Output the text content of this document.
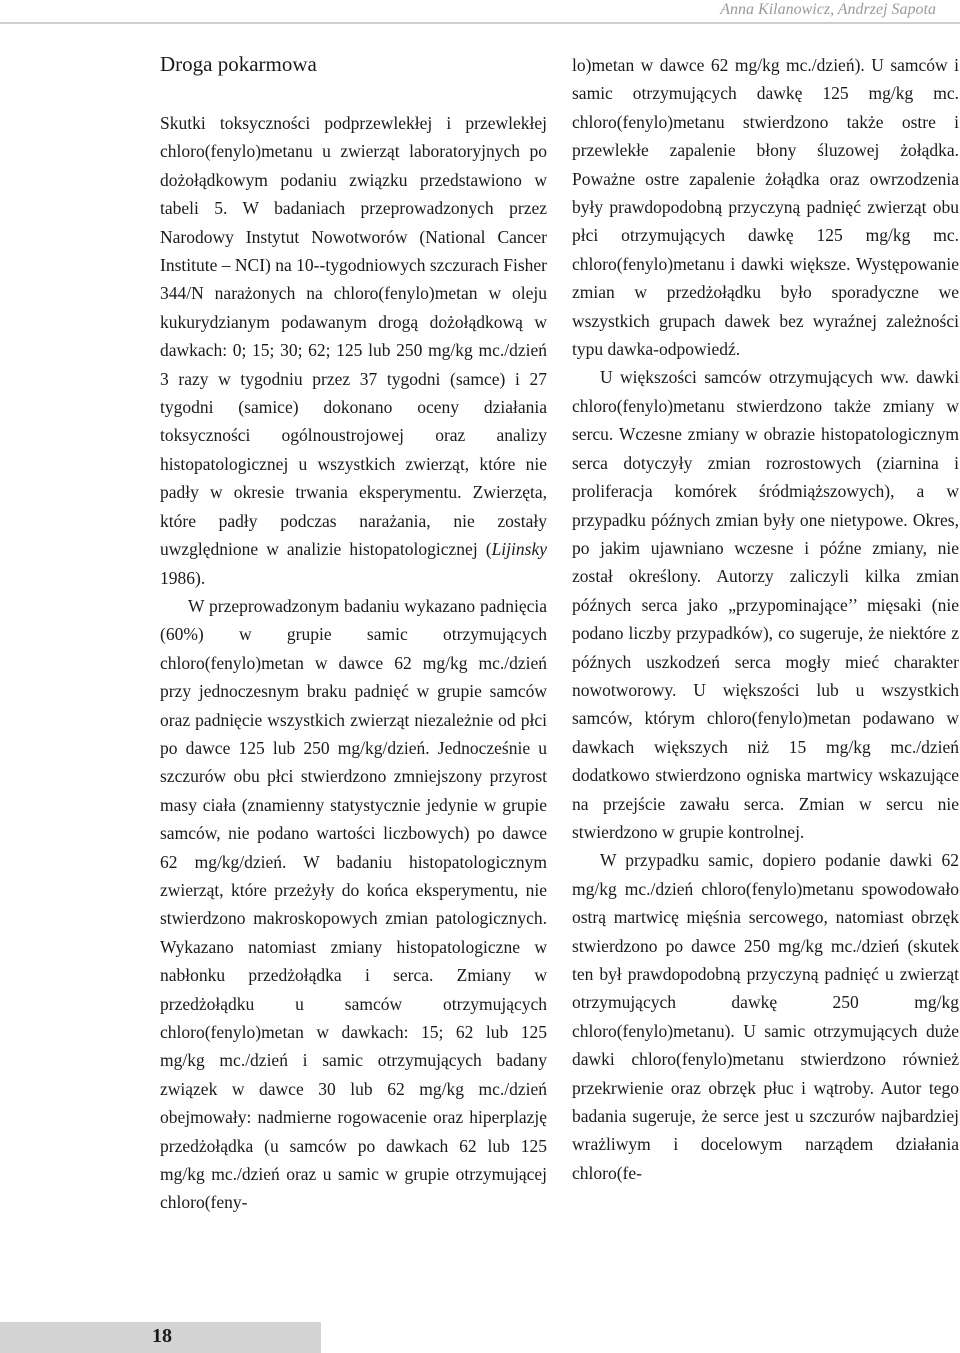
Anna Kilanowicz, Andrzej Sapota
Droga pokarmowa

Skutki toksyczności podprzewlekłej i przewlekłej chloro(fenylo)metanu u zwierząt laboratoryjnych po dożołądkowym podaniu związku przedstawiono w tabeli 5. W badaniach przeprowadzonych przez Narodowy Instytut Nowotworów (National Cancer Institute – NCI) na 10--tygodniowych szczurach Fisher 344/N narażonych na chloro(fenylo)metan w oleju kukurydzianym podawanym drogą dożołądkową w dawkach: 0; 15; 30; 62; 125 lub 250 mg/kg mc./dzień 3 razy w tygodniu przez 37 tygodni (samce) i 27 tygodni (samice) dokonano oceny działania toksyczności ogólnoustrojowej oraz analizy histopatologicznej u wszystkich zwierząt, które nie padły w okresie trwania eksperymentu. Zwierzęta, które padły podczas narażania, nie zostały uwzględnione w analizie histopatologicznej (Lijinsky 1986).

W przeprowadzonym badaniu wykazano padnięcia (60%) w grupie samic otrzymujących chloro(fenylo)metan w dawce 62 mg/kg mc./dzień przy jednoczesnym braku padnięć w grupie samców oraz padnięcie wszystkich zwierząt niezależnie od płci po dawce 125 lub 250 mg/kg/dzień. Jednocześnie u szczurów obu płci stwierdzono zmniejszony przyrost masy ciała (znamienny statystycznie jedynie w grupie samców, nie podano wartości liczbowych) po dawce 62 mg/kg/dzień. W badaniu histopatologicznym zwierząt, które przeżyły do końca eksperymentu, nie stwierdzono makroskopowych zmian patologicznych. Wykazano natomiast zmiany histopatologiczne w nabłonku przedżołądka i serca. Zmiany w przedżołądku u samców otrzymujących chloro(fenylo)metan w dawkach: 15; 62 lub 125 mg/kg mc./dzień i samic otrzymujących badany związek w dawce 30 lub 62 mg/kg mc./dzień obejmowały: nadmierne rogowacenie oraz hiperplazję przedżołądka (u samców po dawkach 62 lub 125 mg/kg mc./dzień oraz u samic w grupie otrzymującej chloro(feny-

lo)metan w dawce 62 mg/kg mc./dzień). U samców i samic otrzymujących dawkę 125 mg/kg mc. chloro(fenylo)metanu stwierdzono także ostre i przewlekłe zapalenie błony śluzowej żołądka. Poważne ostre zapalenie żołądka oraz owrzodzenia były prawdopodobną przyczyną padnięć zwierząt obu płci otrzymujących dawkę 125 mg/kg mc. chloro(fenylo)metanu i dawki większe. Występowanie zmian w przedżołądku było sporadyczne we wszystkich grupach dawek bez wyraźnej zależności typu dawka-odpowiedź.

U większości samców otrzymujących ww. dawki chloro(fenylo)metanu stwierdzono także zmiany w sercu. Wczesne zmiany w obrazie histopatologicznym serca dotyczyły zmian rozrostowych (ziarnina i proliferacja komórek śródmiąższowych), a w przypadku późnych zmian były one nietypowe. Okres, po jakim ujawniano wczesne i późne zmiany, nie został określony. Autorzy zaliczyli kilka zmian późnych serca jako „przypominające’’ mięsaki (nie podano liczby przypadków), co sugeruje, że niektóre z późnych uszkodzeń serca mogły mieć charakter nowotworowy. U większości lub u wszystkich samców, którym chloro(fenylo)metan podawano w dawkach większych niż 15 mg/kg mc./dzień dodatkowo stwierdzono ogniska martwicy wskazujące na przejście zawału serca. Zmian w sercu nie stwierdzono w grupie kontrolnej.

W przypadku samic, dopiero podanie dawki 62 mg/kg mc./dzień chloro(fenylo)metanu spowodowało ostrą martwicę mięśnia sercowego, natomiast obrzęk stwierdzono po dawce 250 mg/kg mc./dzień (skutek ten był prawdopodobną przyczyną padnięć u zwierząt otrzymujących dawkę 250 mg/kg chloro(fenylo)metanu). U samic otrzymujących duże dawki chloro(fenylo)metanu stwierdzono również przekrwienie oraz obrzęk płuc i wątroby. Autor tego badania sugeruje, że serce jest u szczurów najbardziej wrażliwym i docelowym narządem działania chloro(fe-

18
